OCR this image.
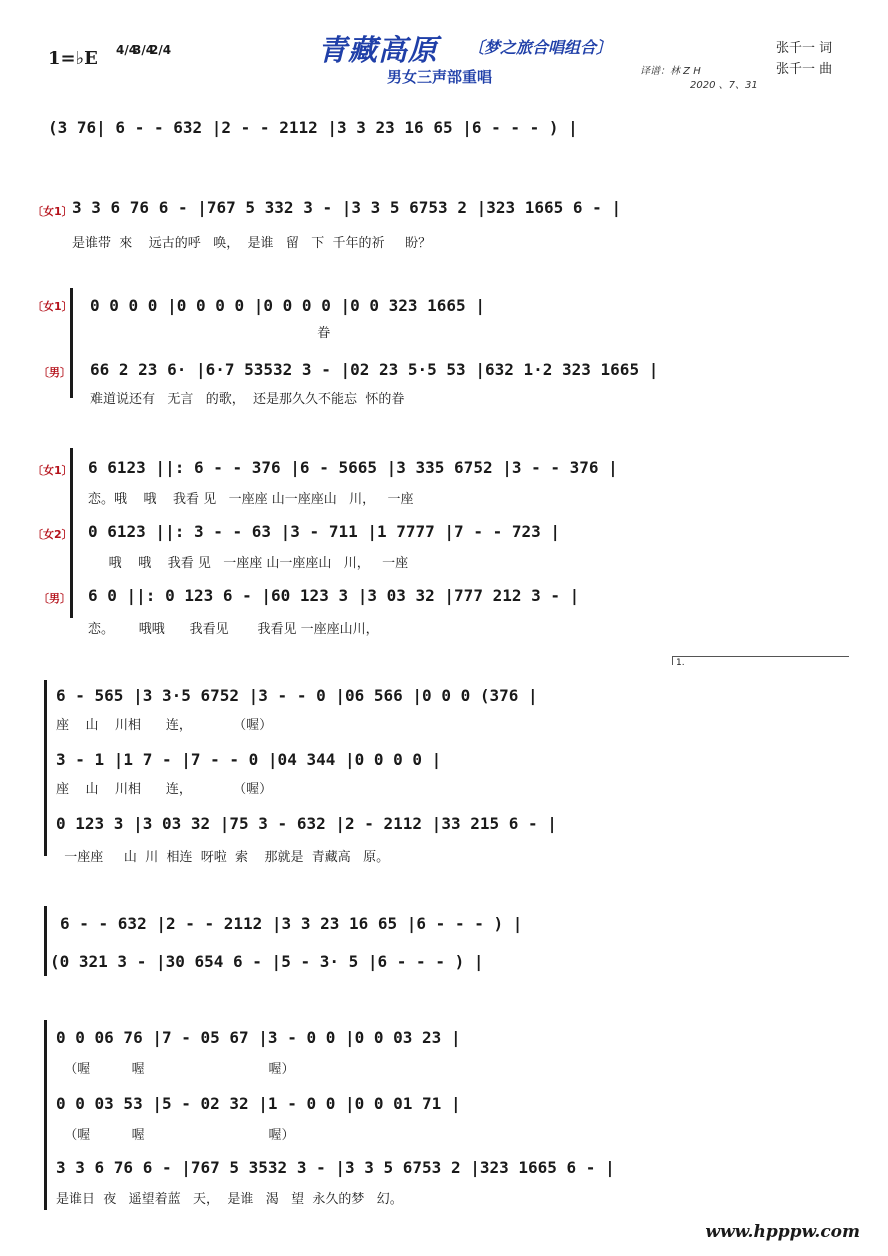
1=♭E 4/43/42/4	青藏高原 〔梦之旅合唱组合〕
男女三声部重唱	译谱：林 Z H
2020 、7、31
张千一 词
张千一 曲
(3 76| 6 - - 632 |2 - - 2112 |3 3 23 16 65 |6 - - - ) |
〔女1〕 3 3 6 76 6 - |767 5 332 3 - |3 3 5 6753 2 |323 1665 6 - |
是谁带  來    远古的呼   唤，  是谁   留   下  千年的祈     盼？
〔女1〕 0 0 0 0 |0 0 0 0 |0 0 0 0 |0 0 323 1665 |
眷
〔男〕 66 2 23 6· |6·7 53532 3 - |02 23 5·5 53 |632 1·2 323 1665 |
难道说还有   无言   的歌，  还是那久久不能忘  怀的眷
〔女1〕 6 6123 ||: 6 - - 376 |6 - 5665 |3 335 6752 |3 - - 376 |
恋。哦    哦    我看 见   一座座 山一座座山   川，   一座
〔女2〕 0 6123 ||: 3 - - 63 |3 - 711 |1 7777 |7 - - 723 |
哦    哦    我看 见   一座座 山一座座山   川，   一座
〔男〕 6 0 ||: 0 123 6 - |60 123 3 |3 03 32 |777 212 3 - |
恋。      哦哦      我看见       我看见 一座座山川，
1.
6 - 565 |3 3·5 6752 |3 - - 0 |06 566 |0 0 0 (376 |
座    山    川相      连，          （喔）
3 - 1 |1 7 - |7 - - 0 |04 344 |0 0 0 0 |
座    山    川相      连，          （喔）
0 123 3 |3 03 32 |75 3 - 632 |2 - 2112 |33 215 6 - |
一座座     山  川  相连  呀啦  索    那就是  青藏高   原。
6 - - 632 |2 - - 2112 |3 3 23 16 65 |6 - - - ) |
(0 321 3 - |30 654 6 - |5 - 3· 5 |6 - - - ) |
0 0 06 76 |7 - 05 67 |3 - 0 0 |0 0 03 23 |
（喔          喔                              喔）
0 0 03 53 |5 - 02 32 |1 - 0 0 |0 0 01 71 |
（喔          喔                              喔）
3 3 6 76 6 - |767 5 3532 3 - |3 3 5 6753 2 |323 1665 6 - |
是谁日  夜   遥望着蓝   天，  是谁   渴   望  永久的梦   幻。
www.hpppw.com
